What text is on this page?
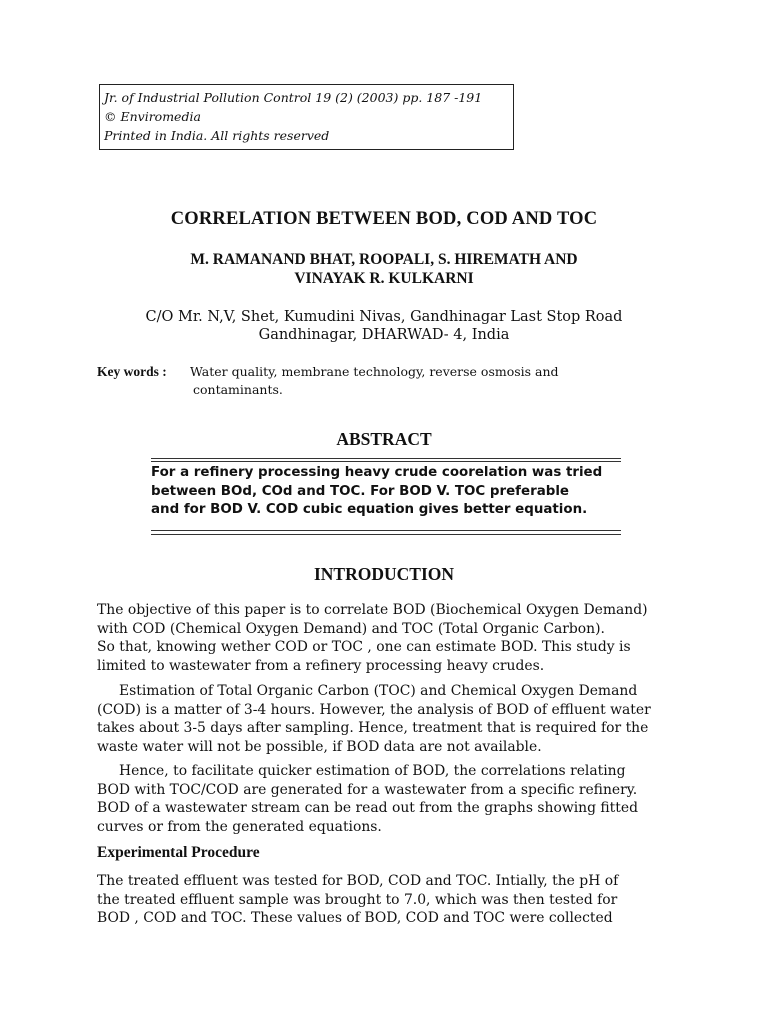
Jr. of Industrial Pollution Control 19 (2) (2003) pp. 187 -191
© Enviromedia
Printed in India. All rights reserved
CORRELATION BETWEEN BOD, COD AND TOC
M. RAMANAND BHAT, ROOPALI, S. HIREMATH AND
VINAYAK R. KULKARNI
C/O Mr. N,V, Shet, Kumudini Nivas, Gandhinagar Last Stop Road
Gandhinagar, DHARWAD- 4, India
Key words : Water quality, membrane technology, reverse osmosis and
contaminants.
ABSTRACT
For a refinery processing heavy crude coorelation was tried
between BOd, COd and TOC. For BOD V. TOC preferable
and for BOD V. COD cubic equation gives better equation.
INTRODUCTION
The objective of this paper is to correlate BOD (Biochemical Oxygen Demand)
with COD (Chemical Oxygen Demand) and TOC (Total Organic Carbon).
So that, knowing wether COD or TOC , one can estimate BOD. This study is
limited to wastewater from a refinery processing heavy crudes.
Estimation of Total Organic Carbon (TOC) and Chemical Oxygen Demand
(COD) is a matter of 3-4 hours. However, the analysis of BOD of effluent water
takes about 3-5 days after sampling. Hence, treatment that is required for the
waste water will not be possible, if BOD data are not available.
Hence, to facilitate quicker estimation of BOD, the correlations relating
BOD with TOC/COD are generated for a wastewater from a specific refinery.
BOD of a wastewater stream can be read out from the graphs showing fitted
curves or from the generated equations.
Experimental Procedure
The treated effluent was tested for BOD, COD and TOC. Intially, the pH of
the treated effluent sample was brought to 7.0, which was then tested for
BOD , COD and TOC. These values of BOD, COD and TOC were collected
